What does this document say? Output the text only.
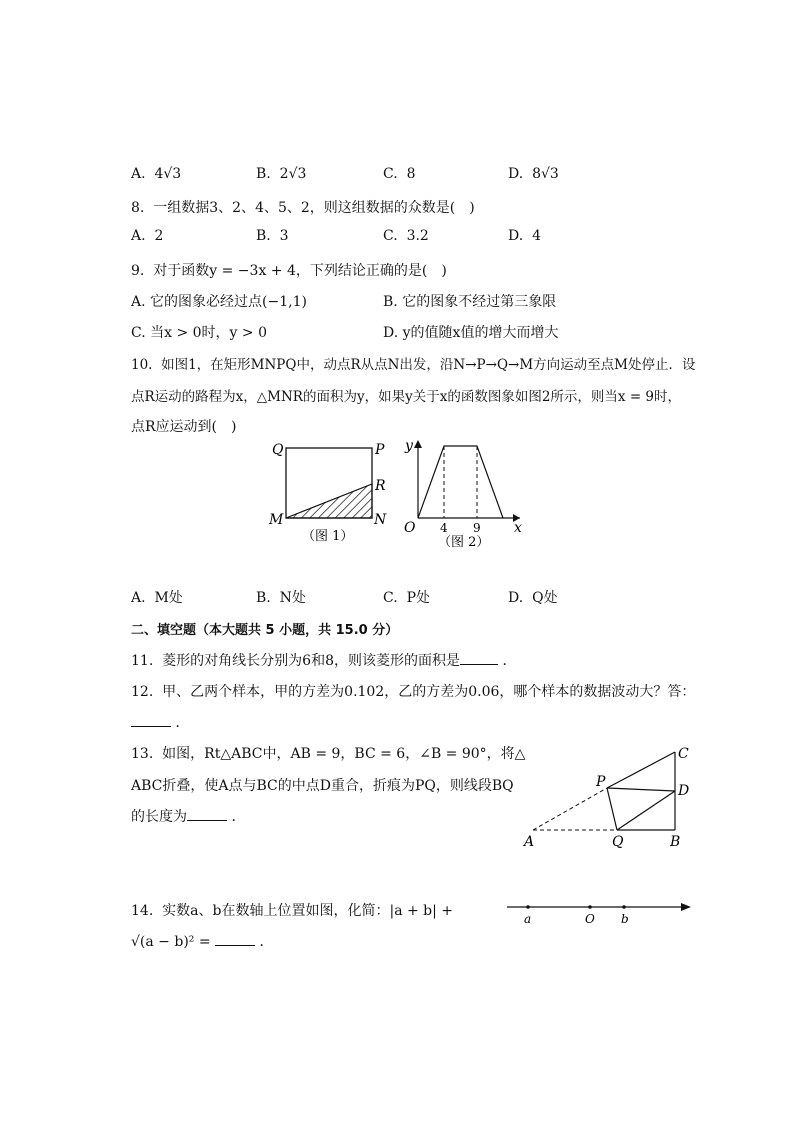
A. 4√3	B. 2√3	C. 8	D. 8√3
8. 一组数据3、2、4、5、2，则这组数据的众数是(　)
A. 2	B. 3	C. 3.2	D. 4
9. 对于函数y = −3x + 4，下列结论正确的是(　)
A. 它的图象必经过点(−1,1)	B. 它的图象不经过第三象限
C. 当x > 0时，y > 0	D. y的值随x值的增大而增大
10. 如图1，在矩形MNPQ中，动点R从点N出发，沿N→P→Q→M方向运动至点M处停止．设
点R运动的路程为x，△MNR的面积为y，如果y关于x的函数图象如图2所示，则当x = 9时，
点R应运动到(　)
Q	P
R
M	N
（图 1）
y
O 4 9 x
（图 2）
A. M处	B. N处	C. P处	D. Q处
二、填空题（本大题共 5 小题，共 15.0 分）
11. 菱形的对角线长分别为6和8，则该菱形的面积是	．
12. 甲、乙两个样本，甲的方差为0.102，乙的方差为0.06，哪个样本的数据波动大？答：
．
13. 如图，Rt△ABC中，AB = 9，BC = 6，∠B = 90°，将△
ABC折叠，使A点与BC的中点D重合，折痕为PQ，则线段BQ
的长度为	．
A	Q	B
C
D
P
14. 实数a、b在数轴上位置如图，化简：|a + b| +
√(a − b)² =	．
a	O b
